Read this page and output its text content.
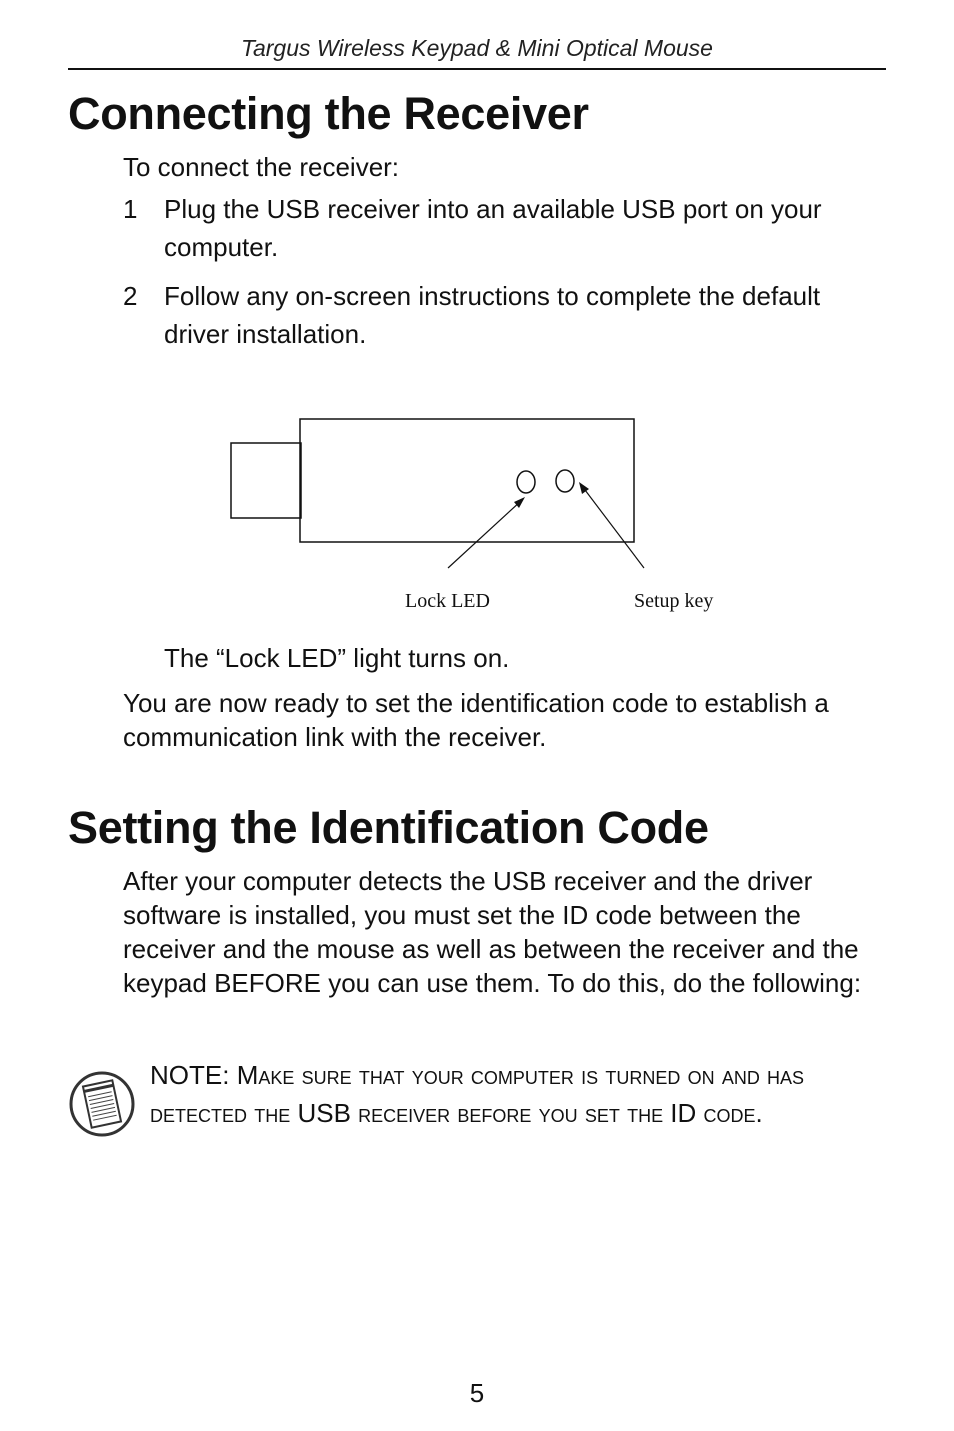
Targus Wireless Keypad & Mini Optical Mouse
Connecting the Receiver
To connect the receiver:
1 Plug the USB receiver into an available USB port on your computer.
2 Follow any on-screen instructions to complete the default driver installation.
Lock LED	Setup key
The “Lock LED” light turns on.
You are now ready to set the identification code to establish a communication link with the receiver.
Setting the Identification Code
After your computer detects the USB receiver and the driver software is installed, you must set the ID code between the receiver and the mouse as well as between the receiver and the keypad BEFORE you can use them. To do this, do the following:
NOTE: Make sure that your computer is turned on and has detected the USB receiver before you set the ID code.
5
